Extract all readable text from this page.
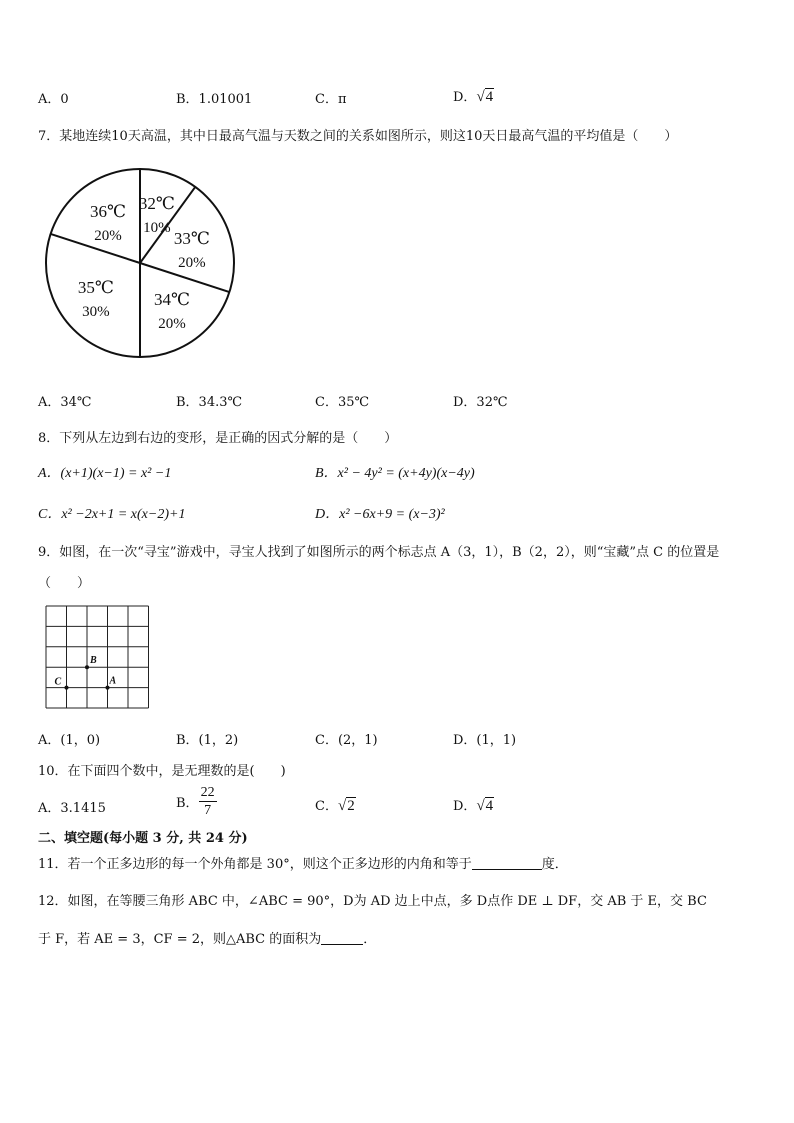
A．0	B．1.01001	C．π	D．√4
7．某地连续10天高温，其中日最高气温与天数之间的关系如图所示，则这10天日最高气温的平均值是（　　）
32℃
10%
33℃
20%
34℃
20%
35℃
30%
36℃
20%
A．34℃	B．34.3℃	C．35℃	D．32℃
8．下列从左边到右边的变形，是正确的因式分解的是（　　）
A．(x+1)(x−1) = x² −1	B．x² − 4y² = (x+4y)(x−4y)
C．x² −2x+1 = x(x−2)+1	D．x² −6x+9 = (x−3)²
9．如图，在一次“寻宝”游戏中，寻宝人找到了如图所示的两个标志点 A（3，1），B（2，2），则“宝藏”点 C 的位置是
（　　）
A
B
C
A．(1，0)	B．(1，2)	C．(2，1)	D．(1，1)
10．在下面四个数中，是无理数的是(　　)
A．3.1415	B． $\frac{22}{7}$	C．√2	D．√4
二、填空题(每小题 3 分, 共 24 分)
11．若一个正多边形的每一个外角都是 30°，则这个正多边形的内角和等于	度．
12．如图，在等腰三角形 ABC 中，∠ABC = 90°，D为 AD 边上中点，多 D点作 DE ⊥ DF，交 AB 于 E，交 BC
于 F，若 AE = 3，CF = 2，则△ABC 的面积为	．
